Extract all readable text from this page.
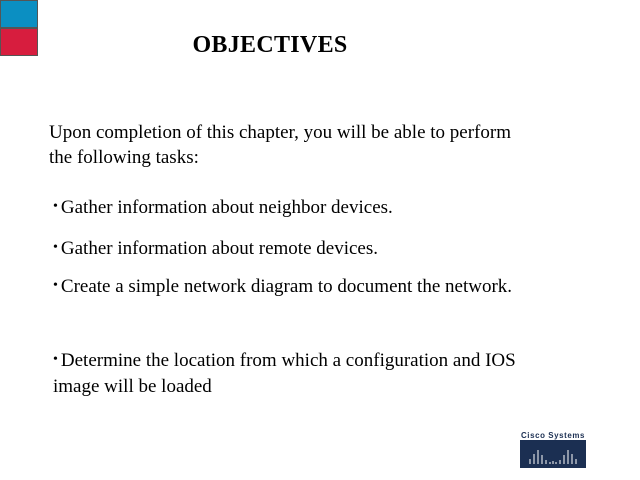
OBJECTIVES
Upon completion of this chapter, you will be able to perform the following tasks:
• Gather information about neighbor devices.
• Gather information about remote devices.
• Create a simple network diagram to document the network.
• Determine the location from which a configuration and IOS image will be loaded
Cisco Systems
